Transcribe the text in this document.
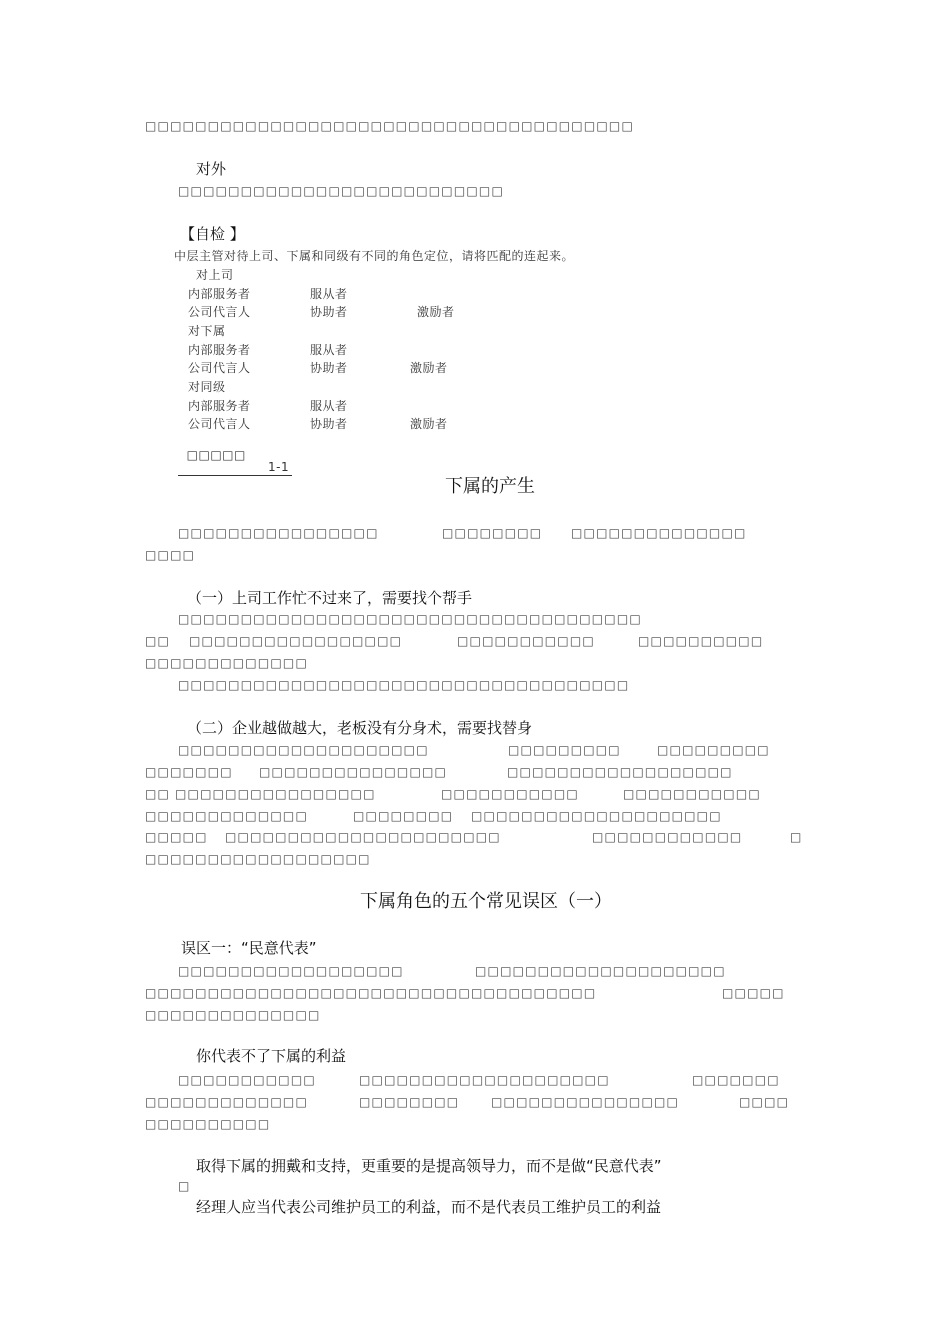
□□□□□□□□□□□□□□□□□□□□□□□□□□□□□□□□□□□□□□□
对外
□□□□□□□□□□□□□□□□□□□□□□□□□□
【自检 】
中层主管对待上司、下属和同级有不同的角色定位，请将匹配的连起来。
对上司
内部服务者	服从者
公司代言人	协助者	激励者
对下属
内部服务者	服从者
公司代言人	协助者	激励者
对同级
内部服务者	服从者
公司代言人	协助者	激励者

□□□□□

1-1

下属的产生
□□□□□□□□□□□□□□□□	□□□□□□□□ □□□□□□□□□□□□□□
□□□□
（一）上司工作忙不过来了，需要找个帮手
□□□□□□□□□□□□□□□□□□□□□□□□□□□□□□□□□□□□□
□□ □□□□□□□□□□□□□□□□□	□□□□□□□□□□□	□□□□□□□□□□
□□□□□□□□□□□□□
□□□□□□□□□□□□□□□□□□□□□□□□□□□□□□□□□□□□
（二）企业越做越大，老板没有分身术，需要找替身
□□□□□□□□□□□□□□□□□□□□	□□□□□□□□□	□□□□□□□□□
□□□□□□□ □□□□□□□□□□□□□□□	□□□□□□□□□□□□□□□□□□
□□ □□□□□□□□□□□□□□□□	□□□□□□□□□□□	□□□□□□□□□□□
□□□□□□□□□□□□□	□□□□□□□□ □□□□□□□□□□□□□□□□□□□□
□□□□□ □□□□□□□□□□□□□□□□□□□□□□	□□□□□□□□□□□□	□
□□□□□□□□□□□□□□□□□□
下属角色的五个常见误区（一）
误区一：“民意代表”
□□□□□□□□□□□□□□□□□□	□□□□□□□□□□□□□□□□□□□□
□□□□□□□□□□□□□□□□□□□□□□□□□□□□□□□□□□□□	□□□□□
□□□□□□□□□□□□□□
你代表不了下属的利益
□□□□□□□□□□□	□□□□□□□□□□□□□□□□□□□□	□□□□□□□
□□□□□□□□□□□□□	□□□□□□□□	□□□□□□□□□□□□□□□	□□□□
□□□□□□□□□□
取得下属的拥戴和支持，更重要的是提高领导力，而不是做“民意代表”
□
经理人应当代表公司维护员工的利益，而不是代表员工维护员工的利益
